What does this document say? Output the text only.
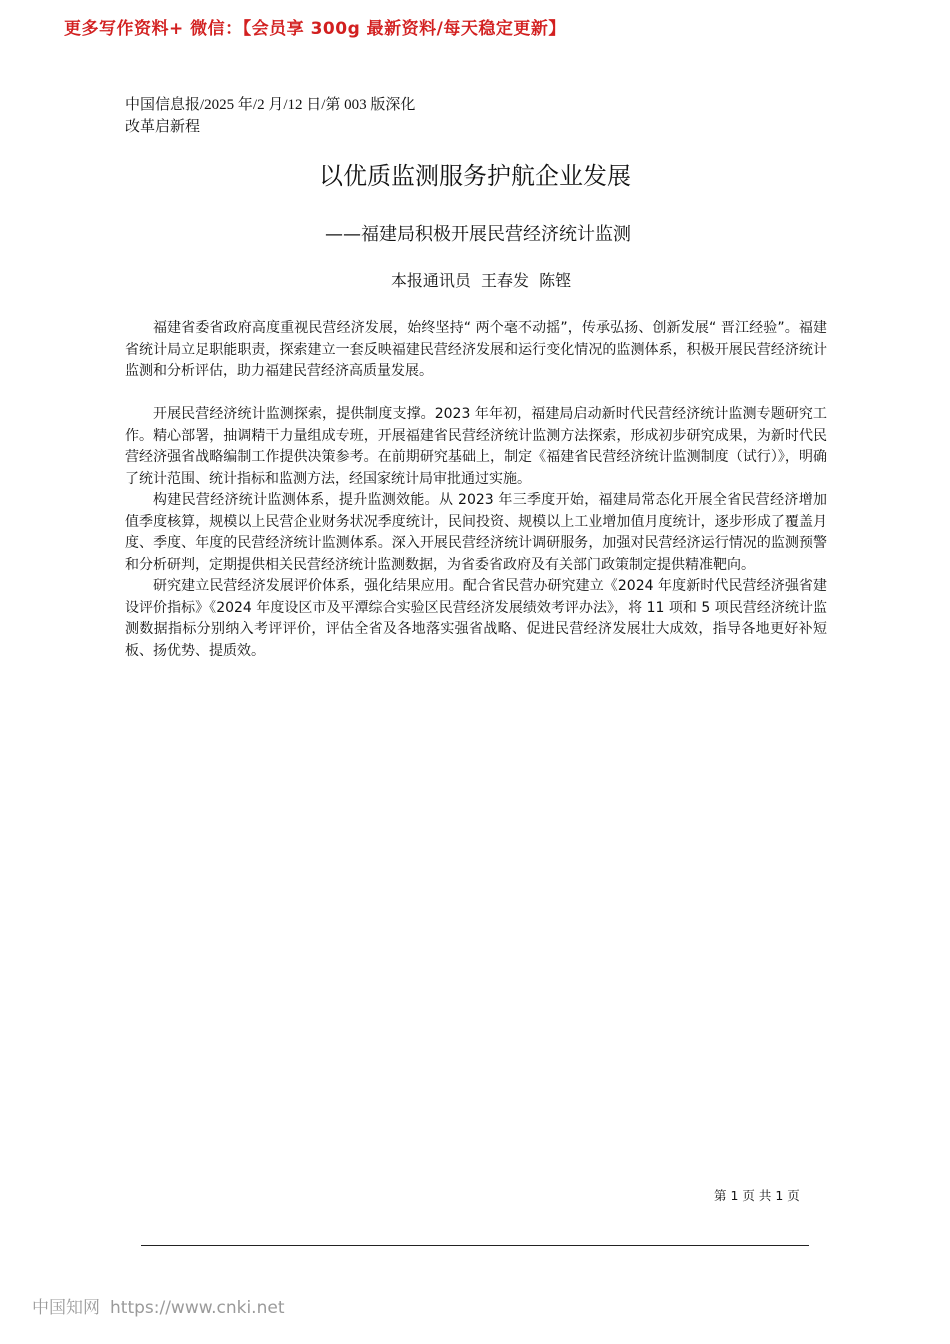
更多写作资料+ 微信：【会员享 300g 最新资料/每天稳定更新】
中国信息报/2025 年/2 月/12 日/第 003 版深化改革启新程
以优质监测服务护航企业发展
——福建局积极开展民营经济统计监测
本报通讯员  王春发  陈铿

福建省委省政府高度重视民营经济发展，始终坚持“ 两个毫不动摇”，传承弘扬、创新发展“ 晋江经验”。福建省统计局立足职能职责，探索建立一套反映福建民营经济发展和运行变化情况的监测体系，积极开展民营经济统计监测和分析评估，助力福建民营经济高质量发展。

开展民营经济统计监测探索，提供制度支撑。2023 年年初，福建局启动新时代民营经济统计监测专题研究工作。精心部署，抽调精干力量组成专班，开展福建省民营经济统计监测方法探索，形成初步研究成果，为新时代民营经济强省战略编制工作提供决策参考。在前期研究基础上，制定《福建省民营经济统计监测制度（试行）》，明确了统计范围、统计指标和监测方法，经国家统计局审批通过实施。

构建民营经济统计监测体系，提升监测效能。从 2023 年三季度开始，福建局常态化开展全省民营经济增加值季度核算，规模以上民营企业财务状况季度统计，民间投资、规模以上工业增加值月度统计，逐步形成了覆盖月度、季度、年度的民营经济统计监测体系。深入开展民营经济统计调研服务，加强对民营经济运行情况的监测预警和分析研判，定期提供相关民营经济统计监测数据，为省委省政府及有关部门政策制定提供精准靶向。

研究建立民营经济发展评价体系，强化结果应用。配合省民营办研究建立《2024 年度新时代民营经济强省建设评价指标》《2024 年度设区市及平潭综合实验区民营经济发展绩效考评办法》，将 11 项和 5 项民营经济统计监测数据指标分别纳入考评评价，评估全省及各地落实强省战略、促进民营经济发展壮大成效，指导各地更好补短板、扬优势、提质效。

第 1 页 共 1 页
中国知网 https://www.cnki.net
